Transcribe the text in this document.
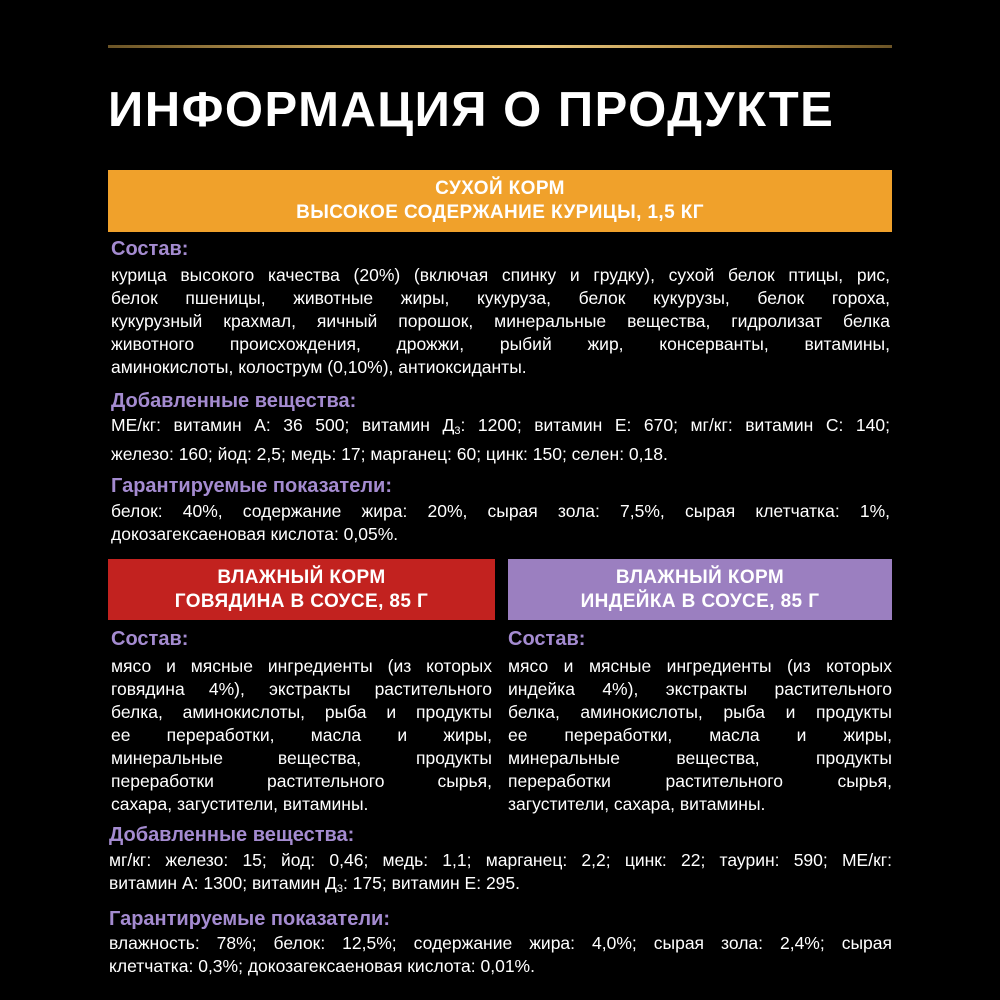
ИНФОРМАЦИЯ О ПРОДУКТЕ
СУХОЙ КОРМ
ВЫСОКОЕ СОДЕРЖАНИЕ КУРИЦЫ, 1,5 КГ
Состав:
курица высокого качества (20%) (включая спинку и грудку), сухой белок птицы, рис,
белок пшеницы, животные жиры, кукуруза, белок кукурузы, белок гороха,
кукурузный крахмал, яичный порошок, минеральные вещества, гидролизат белка
животного происхождения, дрожжи, рыбий жир, консерванты, витамины,
аминокислоты, колострум (0,10%), антиоксиданты.
Добавленные вещества:
МЕ/кг: витамин А: 36 500; витамин $Д_3$: 1200; витамин Е: 670; мг/кг: витамин С: 140;
железо: 160; йод: 2,5; медь: 17; марганец: 60; цинк: 150; селен: 0,18.
Гарантируемые показатели:
белок: 40%, содержание жира: 20%, сырая зола: 7,5%, сырая клетчатка: 1%,
докозагексаеновая кислота: 0,05%.
ВЛАЖНЫЙ КОРМ
ГОВЯДИНА В СОУСЕ, 85 Г
Состав:
мясо и мясные ингредиенты (из которых
говядина 4%), экстракты растительного
белка, аминокислоты, рыба и продукты
ее переработки, масла и жиры,
минеральные вещества, продукты
переработки растительного сырья,
сахара, загустители, витамины.
ВЛАЖНЫЙ КОРМ
ИНДЕЙКА В СОУСЕ, 85 Г
Состав:
мясо и мясные ингредиенты (из которых
индейка 4%), экстракты растительного
белка, аминокислоты, рыба и продукты
ее переработки, масла и жиры,
минеральные вещества, продукты
переработки растительного сырья,
загустители, сахара, витамины.
Добавленные вещества:
мг/кг: железо: 15; йод: 0,46; медь: 1,1; марганец: 2,2; цинк: 22; таурин: 590; МЕ/кг:
витамин А: 1300; витамин $Д_3$: 175; витамин Е: 295.
Гарантируемые показатели:
влажность: 78%; белок: 12,5%; содержание жира: 4,0%; сырая зола: 2,4%; сырая
клетчатка: 0,3%; докозагексаеновая кислота: 0,01%.
